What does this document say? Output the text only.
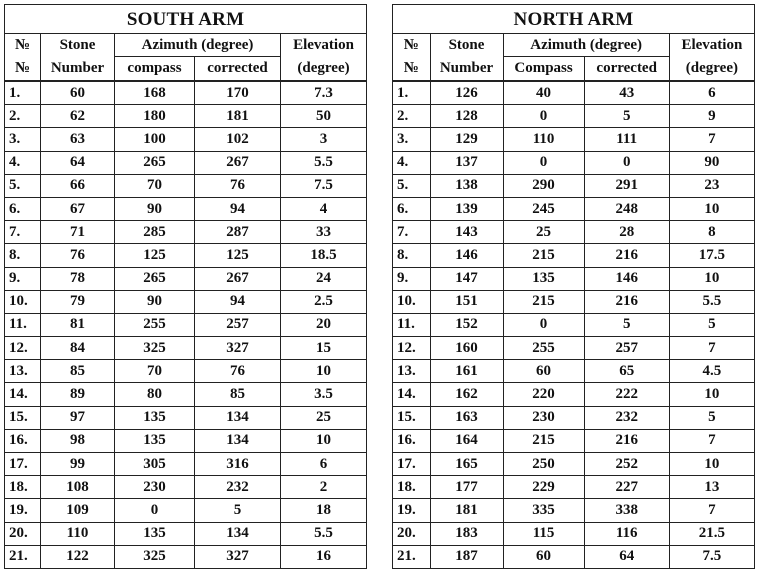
SOUTH ARM				
№	Stone	Azimuth (degree)		Elevation
№	Number	compass	corrected	(degree)
1.	60	168	170	7.3
2.	62	180	181	50
3.	63	100	102	3
4.	64	265	267	5.5
5.	66	70	76	7.5
6.	67	90	94	4
7.	71	285	287	33
8.	76	125	125	18.5
9.	78	265	267	24
10.	79	90	94	2.5
11.	81	255	257	20
12.	84	325	327	15
13.	85	70	76	10
14.	89	80	85	3.5
15.	97	135	134	25
16.	98	135	134	10
17.	99	305	316	6
18.	108	230	232	2
19.	109	0	5	18
20.	110	135	134	5.5
21.	122	325	327	16
NORTH ARM				
№	Stone	Azimuth (degree)		Elevation
№	Number	Compass	corrected	(degree)
1.	126	40	43	6
2.	128	0	5	9
3.	129	110	111	7
4.	137	0	0	90
5.	138	290	291	23
6.	139	245	248	10
7.	143	25	28	8
8.	146	215	216	17.5
9.	147	135	146	10
10.	151	215	216	5.5
11.	152	0	5	5
12.	160	255	257	7
13.	161	60	65	4.5
14.	162	220	222	10
15.	163	230	232	5
16.	164	215	216	7
17.	165	250	252	10
18.	177	229	227	13
19.	181	335	338	7
20.	183	115	116	21.5
21.	187	60	64	7.5
